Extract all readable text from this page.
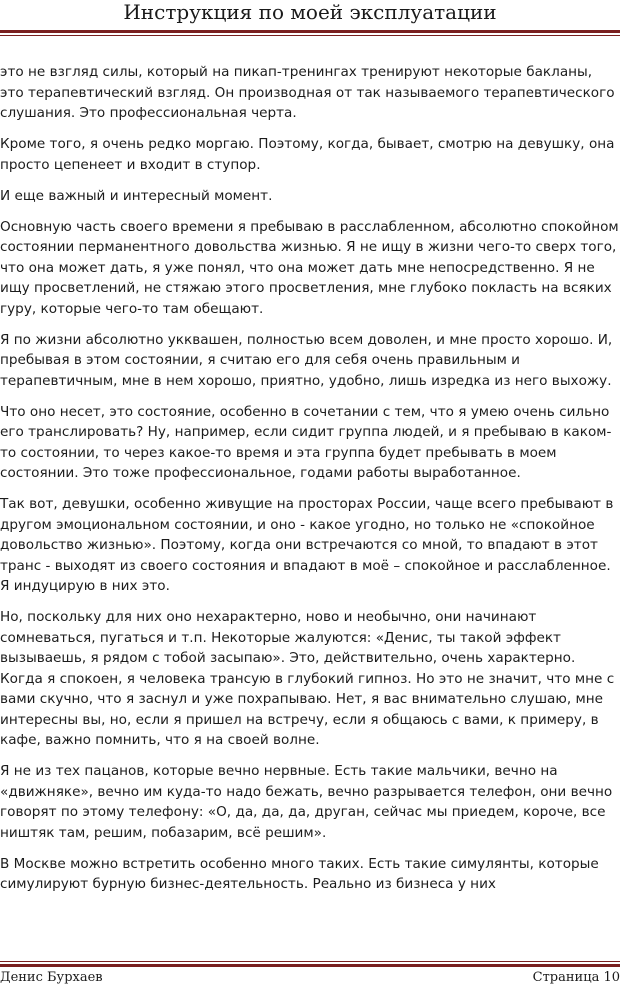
Инструкция по моей эксплуатации

это не взгляд силы, который на пикап-тренингах тренируют некоторые бакланы, это терапевтический взгляд. Он производная от так называемого терапевтического слушания. Это профессиональная черта.

Кроме того, я очень редко моргаю. Поэтому, когда, бывает, смотрю на девушку, она просто цепенеет и входит в ступор.

И еще важный и интересный момент.

Основную часть своего времени я пребываю в расслабленном, абсолютно спокойном состоянии перманентного довольства жизнью. Я не ищу в жизни чего-то сверх того, что она может дать, я уже понял, что она может дать мне непосредственно. Я не ищу просветлений, не стяжаю этого просветления, мне глубоко покласть на всяких гуру, которые чего-то там обещают.

Я по жизни абсолютно укквашен, полностью всем доволен, и мне просто хорошо. И, пребывая в этом состоянии, я считаю его для себя очень правильным и терапевтичным, мне в нем хорошо, приятно, удобно, лишь изредка из него выхожу.

Что оно несет, это состояние, особенно в сочетании с тем, что я умею очень сильно его транслировать? Ну, например, если сидит группа людей, и я пребываю в каком-то состоянии, то через какое-то время и эта группа будет пребывать в моем состоянии. Это тоже профессиональное, годами работы выработанное.

Так вот, девушки, особенно живущие на просторах России, чаще всего пребывают в другом эмоциональном состоянии, и оно - какое угодно, но только не «спокойное довольство жизнью». Поэтому, когда они встречаются со мной, то впадают в этот транс - выходят из своего состояния и впадают в моё – спокойное и расслабленное. Я индуцирую в них это.

Но, поскольку для них оно нехарактерно, ново и необычно, они начинают сомневаться, пугаться и т.п. Некоторые жалуются: «Денис, ты такой эффект вызываешь, я рядом с тобой засыпаю». Это, действительно, очень характерно. Когда я спокоен, я человека трансую в глубокий гипноз. Но это не значит, что мне с вами скучно, что я заснул и уже похрапываю. Нет, я вас внимательно слушаю, мне интересны вы, но, если я пришел на встречу, если я общаюсь с вами, к примеру, в кафе, важно помнить, что я на своей волне.

Я не из тех пацанов, которые вечно нервные. Есть такие мальчики, вечно на «движняке», вечно им куда-то надо бежать, вечно разрывается телефон, они вечно говорят по этому телефону: «О, да, да, да, друган, сейчас мы приедем, короче, все ништяк там, решим, побазарим, всё решим».

В Москве можно встретить особенно много таких. Есть такие симулянты, которые симулируют бурную бизнес-деятельность. Реально из бизнеса у них

Денис Бурхаев	Страница 10
